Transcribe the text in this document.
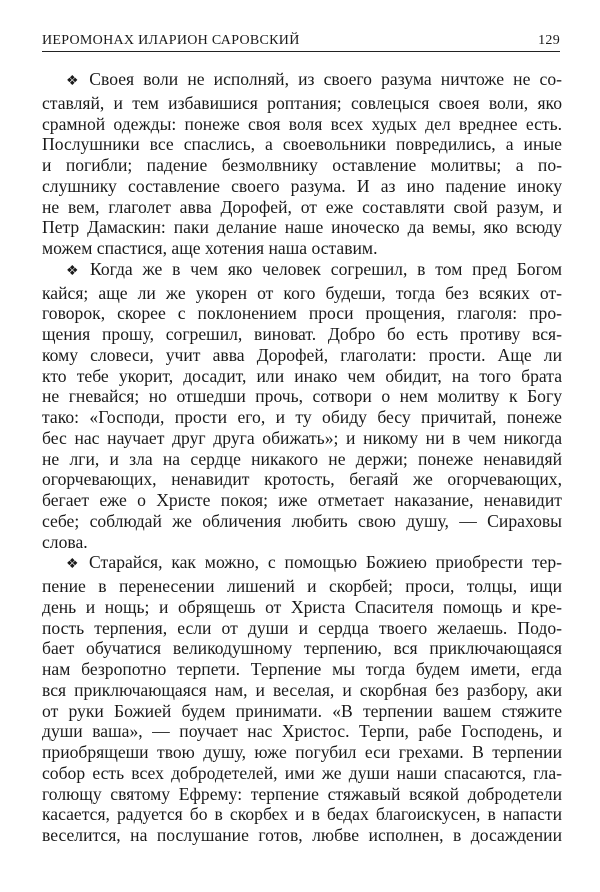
ИЕРОМОНАХ ИЛАРИОН САРОВСКИЙ	129
❖ Своея воли не исполняй, из своего разума ничтоже не со-
ставляй, и тем избавишися роптания; совлецыся своея воли, яко
срамной одежды: понеже своя воля всех худых дел вреднее есть.
Послушники все спаслись, а своевольники повредились, а иные
и погибли; падение безмолвнику оставление молитвы; а по-
слушнику составление своего разума. И аз ино падение иноку
не вем, глаголет авва Дорофей, от еже составляти свой разум, и
Петр Дамаскин: паки делание наше иноческо да вемы, яко всюду
можем спастися, аще хотения наша оставим.
❖ Когда же в чем яко человек согрешил, в том пред Богом
кайся; аще ли же укорен от кого будеши, тогда без всяких от-
говорок, скорее с поклонением проси прощения, глаголя: про-
щения прошу, согрешил, виноват. Добро бо есть противу вся-
кому словеси, учит авва Дорофей, глаголати: прости. Аще ли
кто тебе укорит, досадит, или инако чем обидит, на того брата
не гневайся; но отшедши прочь, сотвори о нем молитву к Богу
тако: «Господи, прости его, и ту обиду бесу причитай, понеже
бес нас научает друг друга обижать»; и никому ни в чем никогда
не лги, и зла на сердце никакого не держи; понеже ненавидяй
огорчевающих, ненавидит кротость, бегаяй же огорчевающих,
бегает еже о Христе покоя; иже отметает наказание, ненавидит
себе; соблюдай же обличения любить свою душу, — Сираховы
слова.
❖ Старайся, как можно, с помощью Божиею приобрести тер-
пение в перенесении лишений и скорбей; проси, толцы, ищи
день и нощь; и обрящешь от Христа Спасителя помощь и кре-
пость терпения, если от души и сердца твоего желаешь. Подо-
бает обучатися великодушному терпению, вся приключающаяся
нам безропотно терпети. Терпение мы тогда будем имети, егда
вся приключающаяся нам, и веселая, и скорбная без разбору, аки
от руки Божией будем принимати. «В терпении вашем стяжите
души ваша», — поучает нас Христос. Терпи, рабе Господень, и
приобрящеши твою душу, юже погубил еси грехами. В терпении
собор есть всех добродетелей, ими же души наши спасаются, гла-
голющу святому Ефрему: терпение стяжавый всякой добродетели
касается, радуется бо в скорбех и в бедах благоискусен, в напасти
веселится, на послушание готов, любве исполнен, в досаждении
